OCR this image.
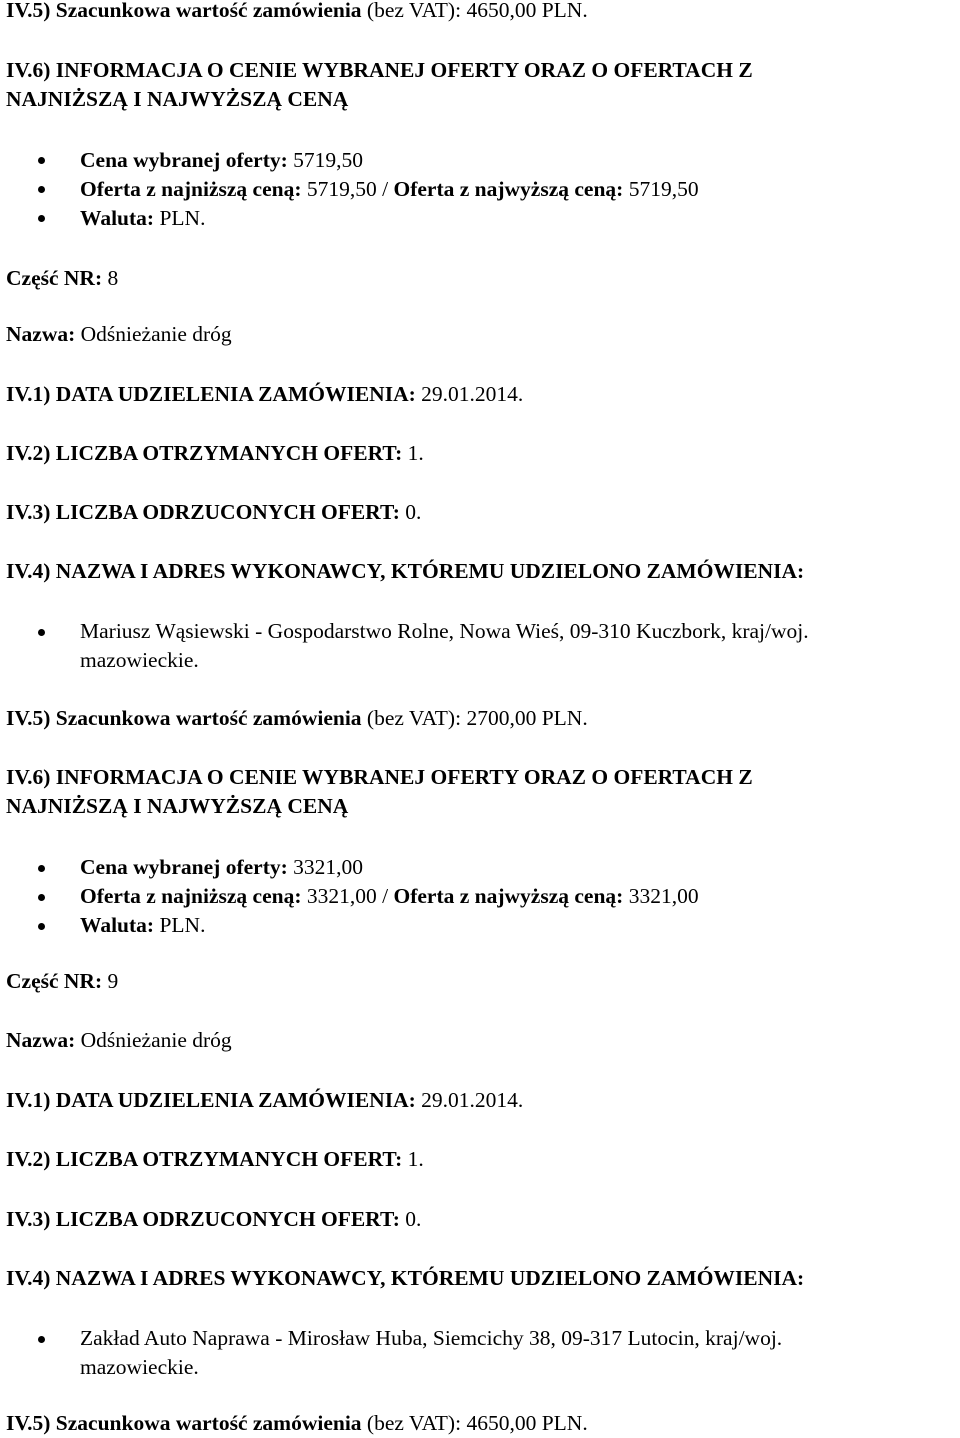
IV.5) Szacunkowa wartość zamówienia (bez VAT): 4650,00 PLN.
IV.6) INFORMACJA O CENIE WYBRANEJ OFERTY ORAZ O OFERTACH Z
NAJNIŻSZĄ I NAJWYŻSZĄ CENĄ
Cena wybranej oferty: 5719,50
Oferta z najniższą ceną: 5719,50 / Oferta z najwyższą ceną: 5719,50
Waluta: PLN.
Część NR: 8
Nazwa: Odśnieżanie dróg
IV.1) DATA UDZIELENIA ZAMÓWIENIA: 29.01.2014.
IV.2) LICZBA OTRZYMANYCH OFERT: 1.
IV.3) LICZBA ODRZUCONYCH OFERT: 0.
IV.4) NAZWA I ADRES WYKONAWCY, KTÓREMU UDZIELONO ZAMÓWIENIA:
Mariusz Wąsiewski - Gospodarstwo Rolne, Nowa Wieś, 09-310 Kuczbork, kraj/woj.
mazowieckie.
IV.5) Szacunkowa wartość zamówienia (bez VAT): 2700,00 PLN.
IV.6) INFORMACJA O CENIE WYBRANEJ OFERTY ORAZ O OFERTACH Z
NAJNIŻSZĄ I NAJWYŻSZĄ CENĄ
Cena wybranej oferty: 3321,00
Oferta z najniższą ceną: 3321,00 / Oferta z najwyższą ceną: 3321,00
Waluta: PLN.
Część NR: 9
Nazwa: Odśnieżanie dróg
IV.1) DATA UDZIELENIA ZAMÓWIENIA: 29.01.2014.
IV.2) LICZBA OTRZYMANYCH OFERT: 1.
IV.3) LICZBA ODRZUCONYCH OFERT: 0.
IV.4) NAZWA I ADRES WYKONAWCY, KTÓREMU UDZIELONO ZAMÓWIENIA:
Zakład Auto Naprawa - Mirosław Huba, Siemcichy 38, 09-317 Lutocin, kraj/woj.
mazowieckie.
IV.5) Szacunkowa wartość zamówienia (bez VAT): 4650,00 PLN.
